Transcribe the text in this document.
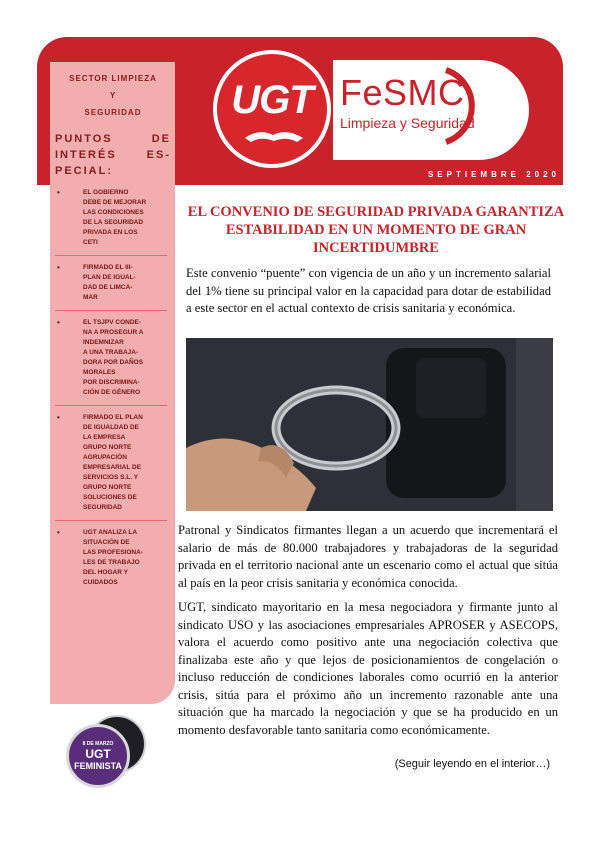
UGT FeSMC
Limpieza y Seguridad
SEPTIEMBRE 2020
SECTOR LIMPIEZA
Y
SEGURIDAD
PUNTOS	DE
INTERÉS	ES-
PECIAL:
• EL GOBIERNO
DEBE DE MEJORAR
LAS CONDICIONES
DE LA SEGURIDAD
PRIVADA EN LOS
CETI
• FIRMADO EL III-
PLAN DE IGUAL-
DAD DE LIMCA-
MAR
• EL TSJPV CONDE-
NA A PROSEGUR A
INDEMNIZAR
A UNA TRABAJA-
DORA POR DAÑOS
MORALES
POR DISCRIMINA-
CIÓN DE GÉNERO
• FIRMADO EL PLAN
DE IGUALDAD DE
LA EMPRESA
GRUPO NORTE
AGRUPACIÓN
EMPRESARIAL DE
SERVICIOS S.L. Y
GRUPO NORTE
SOLUCIONES DE
SEGURIDAD
• UGT ANALIZA LA
SITUACIÓN DE
LAS PROFESIONA-
LES DE TRABAJO
DEL HOGAR Y
CUIDADOS
8 DE MARZO
UGT
FEMINISTA
EL CONVENIO DE SEGURIDAD PRIVADA GARANTIZA ESTABILIDAD EN UN MOMENTO DE GRAN INCERTIDUMBRE
Este convenio “puente” con vigencia de un año y un incremento salarial del 1% tiene su principal valor en la capacidad para dotar de estabilidad a este sector en el actual contexto de crisis sanitaria y económica.
Patronal y Sindicatos firmantes llegan a un acuerdo que incrementará el salario de más de 80.000 trabajadores y trabajadoras de la seguridad privada en el territorio nacional ante un escenario como el actual que sitúa al país en la peor crisis sanitaria y económica conocida.
UGT, sindicato mayoritario en la mesa negociadora y firmante junto al sindicato USO y las asociaciones empresariales APROSER y ASECOPS, valora el acuerdo como positivo ante una negociación colectiva que finalizaba este año y que lejos de posicionamientos de congelación o incluso reducción de condiciones laborales como ocurrió en la anterior crisis, sitúa para el próximo año un incremento razonable ante una situación que ha marcado la negociación y que se ha producido en un momento desfavorable tanto sanitaria como económicamente.
(Seguir leyendo en el interior…)
